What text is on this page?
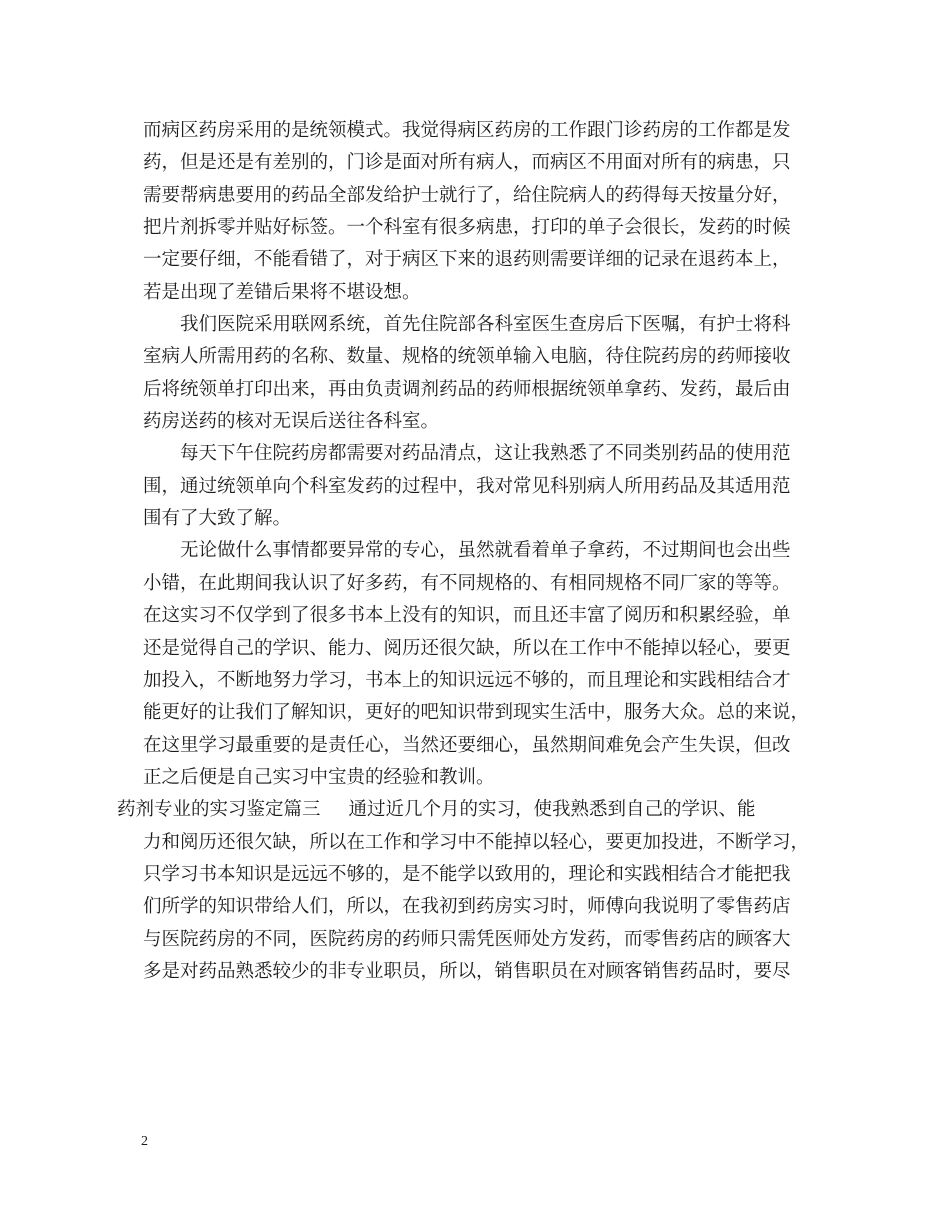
而病区药房采用的是统领模式。我觉得病区药房的工作跟门诊药房的工作都是发
药，但是还是有差别的，门诊是面对所有病人，而病区不用面对所有的病患，只
需要帮病患要用的药品全部发给护士就行了，给住院病人的药得每天按量分好，
把片剂拆零并贴好标签。一个科室有很多病患，打印的单子会很长，发药的时候
一定要仔细，不能看错了，对于病区下来的退药则需要详细的记录在退药本上，
若是出现了差错后果将不堪设想。
我们医院采用联网系统，首先住院部各科室医生查房后下医嘱，有护士将科
室病人所需用药的名称、数量、规格的统领单输入电脑，待住院药房的药师接收
后将统领单打印出来，再由负责调剂药品的药师根据统领单拿药、发药，最后由
药房送药的核对无误后送往各科室。
每天下午住院药房都需要对药品清点，这让我熟悉了不同类别药品的使用范
围，通过统领单向个科室发药的过程中，我对常见科别病人所用药品及其适用范
围有了大致了解。
无论做什么事情都要异常的专心，虽然就看着单子拿药，不过期间也会出些
小错，在此期间我认识了好多药，有不同规格的、有相同规格不同厂家的等等。
在这实习不仅学到了很多书本上没有的知识，而且还丰富了阅历和积累经验，单
还是觉得自己的学识、能力、阅历还很欠缺，所以在工作中不能掉以轻心，要更
加投入，不断地努力学习，书本上的知识远远不够的，而且理论和实践相结合才
能更好的让我们了解知识，更好的吧知识带到现实生活中，服务大众。总的来说，
在这里学习最重要的是责任心，当然还要细心，虽然期间难免会产生失误，但改
正之后便是自己实习中宝贵的经验和教训。
药剂专业的实习鉴定篇三 通过近几个月的实习，使我熟悉到自己的学识、能
力和阅历还很欠缺，所以在工作和学习中不能掉以轻心，要更加投进，不断学习，
只学习书本知识是远远不够的，是不能学以致用的，理论和实践相结合才能把我
们所学的知识带给人们，所以，在我初到药房实习时，师傅向我说明了零售药店
与医院药房的不同，医院药房的药师只需凭医师处方发药，而零售药店的顾客大
多是对药品熟悉较少的非专业职员，所以，销售职员在对顾客销售药品时，要尽
2
